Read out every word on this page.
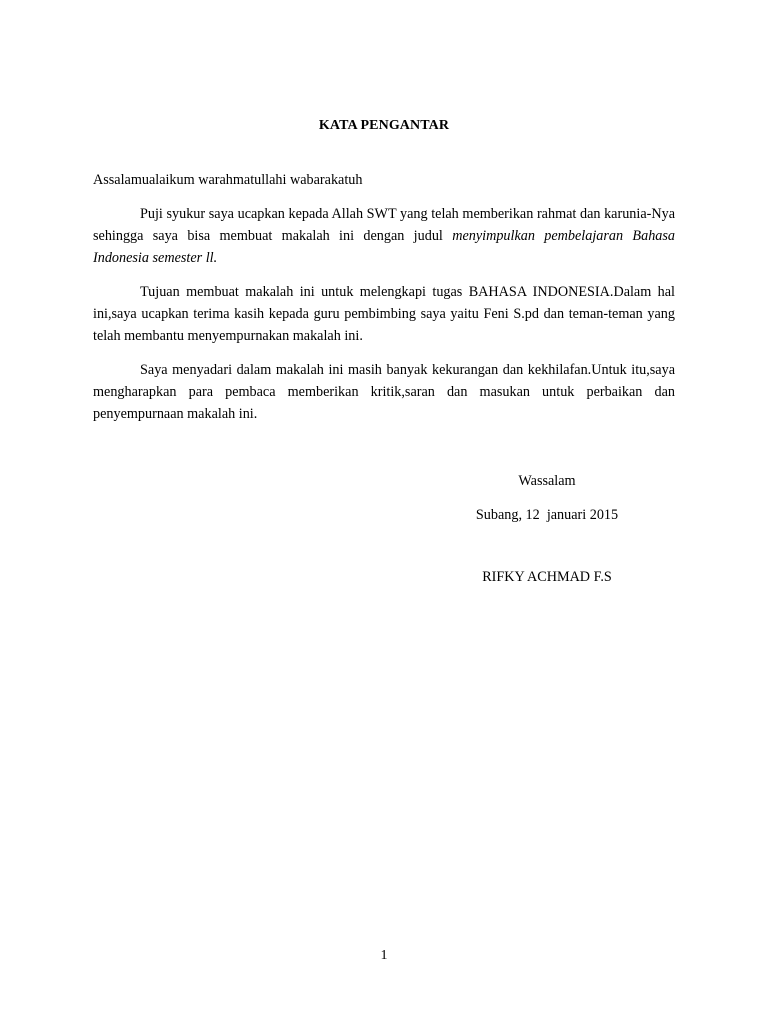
KATA PENGANTAR

Assalamualaikum warahmatullahi wabarakatuh

Puji syukur saya ucapkan kepada Allah SWT yang telah memberikan rahmat dan karunia-Nya sehingga saya bisa membuat makalah ini dengan judul menyimpulkan pembelajaran Bahasa Indonesia semester ll.

Tujuan membuat makalah ini untuk melengkapi tugas BAHASA INDONESIA.Dalam hal ini,saya ucapkan terima kasih kepada guru pembimbing saya yaitu Feni S.pd dan teman-teman yang telah membantu menyempurnakan makalah ini.

Saya menyadari dalam makalah ini masih banyak kekurangan dan kekhilafan.Untuk itu,saya mengharapkan para pembaca memberikan kritik,saran dan masukan untuk perbaikan dan penyempurnaan makalah ini.

Wassalam

Subang, 12  januari 2015

RIFKY ACHMAD F.S

1
